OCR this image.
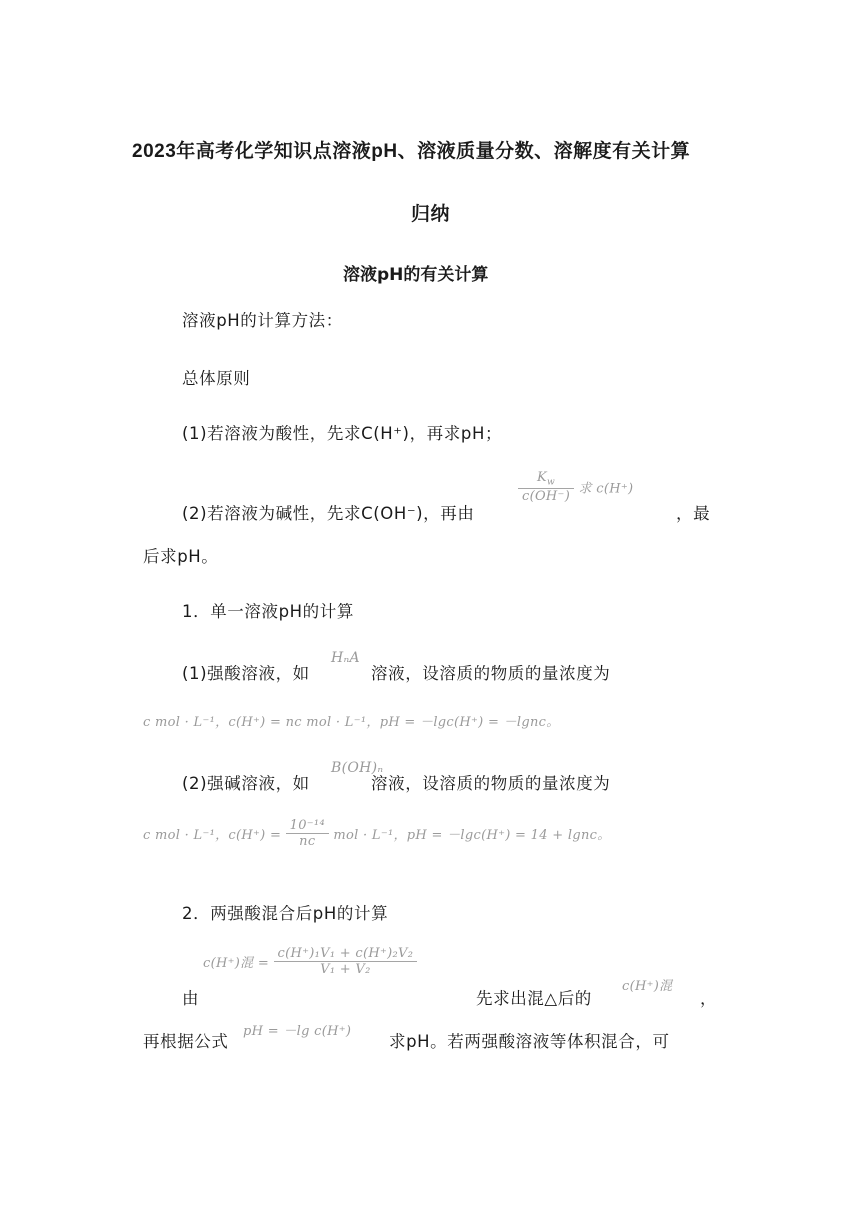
2023年高考化学知识点溶液pH、溶液质量分数、溶解度有关计算
归纳
溶液pH的有关计算
溶液pH的计算方法：
总体原则
(1)若溶液为酸性，先求C(H⁺)，再求pH；
(2)若溶液为碱性，先求C(OH⁻)，再由
$\frac{K_w}{c(OH^-)}$ 求 c(H⁺)
，最
后求pH。
1．单一溶液pH的计算
(1)强酸溶液，如
HₙA
溶液，设溶质的物质的量浓度为
c mol · L⁻¹，c(H⁺) = nc mol · L⁻¹，pH = －lgc(H⁺) = －lgnc。
(2)强碱溶液，如
B(OH)ₙ
溶液，设溶质的物质的量浓度为
c mol · L⁻¹，$c(H^+) = \frac{\text{10⁻¹⁴}}{nc}$ mol · L⁻¹，pH = －lgc(H⁺) = 14 + lgnc。
2．两强酸混合后pH的计算
c(H⁺)混 = $\frac{\text{c(H⁺)₁V₁ + c(H⁺)₂V₂}}{\text{V₁ + V₂}}$
由	先求出混△后的
c(H⁺)混
，
再根据公式
pH = －lg c(H⁺)
求pH。若两强酸溶液等体积混合，可
